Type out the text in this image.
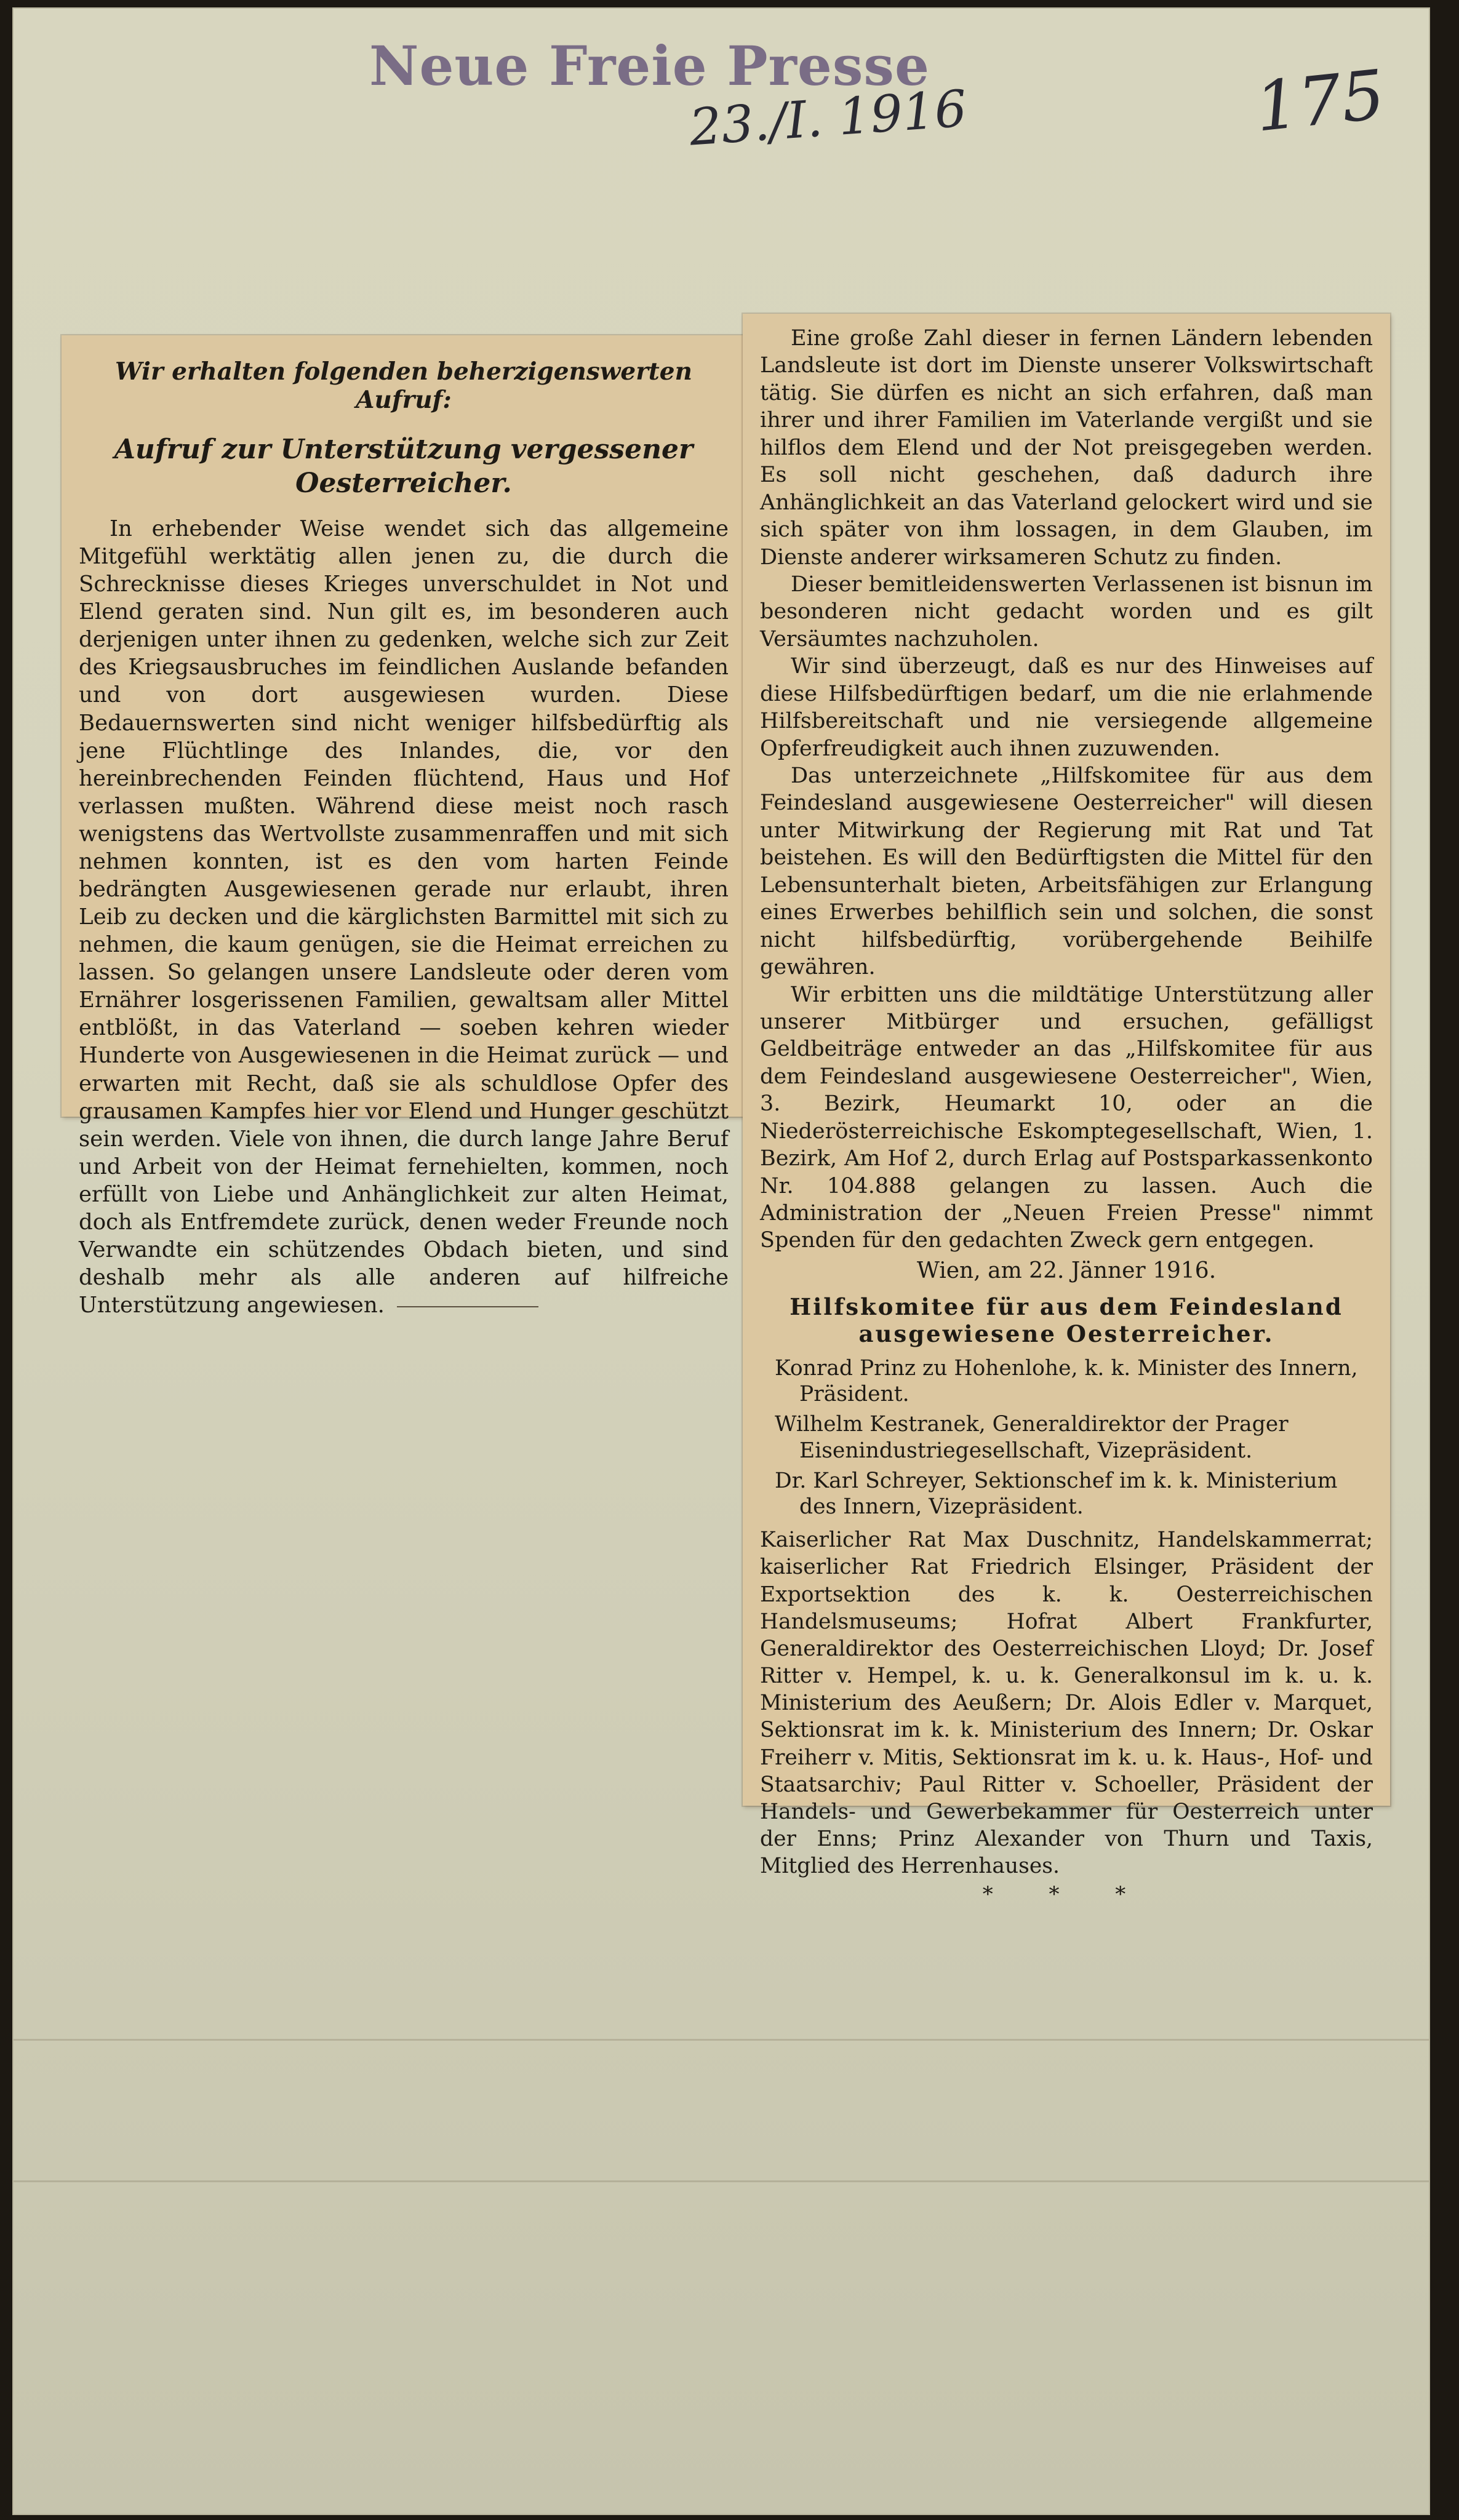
Neue Freie Presse
23./I. 1916	175
Wir erhalten folgenden beherzigenswerten Aufruf:
Aufruf zur Unterstützung vergessener Oesterreicher.

In erhebender Weise wendet sich das allgemeine Mitgefühl werktätig allen jenen zu, die durch die Schrecknisse dieses Krieges unverschuldet in Not und Elend geraten sind. Nun gilt es, im besonderen auch derjenigen unter ihnen zu gedenken, welche sich zur Zeit des Kriegsausbruches im feindlichen Auslande befanden und von dort ausgewiesen wurden. Diese Bedauernswerten sind nicht weniger hilfsbedürftig als jene Flüchtlinge des Inlandes, die, vor den hereinbrechenden Feinden flüchtend, Haus und Hof verlassen mußten. Während diese meist noch rasch wenigstens das Wertvollste zusammenraffen und mit sich nehmen konnten, ist es den vom harten Feinde bedrängten Ausgewiesenen gerade nur erlaubt, ihren Leib zu decken und die kärglichsten Barmittel mit sich zu nehmen, die kaum genügen, sie die Heimat erreichen zu lassen. So gelangen unsere Landsleute oder deren vom Ernährer losgerissenen Familien, gewaltsam aller Mittel entblößt, in das Vaterland — soeben kehren wieder Hunderte von Ausgewiesenen in die Heimat zurück — und erwarten mit Recht, daß sie als schuldlose Opfer des grausamen Kampfes hier vor Elend und Hunger geschützt sein werden. Viele von ihnen, die durch lange Jahre Beruf und Arbeit von der Heimat fernehielten, kommen, noch erfüllt von Liebe und Anhänglichkeit zur alten Heimat, doch als Entfremdete zurück, denen weder Freunde noch Verwandte ein schützendes Obdach bieten, und sind deshalb mehr als alle anderen auf hilfreiche Unterstützung angewiesen.

Eine große Zahl dieser in fernen Ländern lebenden Landsleute ist dort im Dienste unserer Volkswirtschaft tätig. Sie dürfen es nicht an sich erfahren, daß man ihrer und ihrer Familien im Vaterlande vergißt und sie hilflos dem Elend und der Not preisgegeben werden. Es soll nicht geschehen, daß dadurch ihre Anhänglichkeit an das Vaterland gelockert wird und sie sich später von ihm lossagen, in dem Glauben, im Dienste anderer wirksameren Schutz zu finden.

Dieser bemitleidenswerten Verlassenen ist bisnun im besonderen nicht gedacht worden und es gilt Versäumtes nachzuholen.

Wir sind überzeugt, daß es nur des Hinweises auf diese Hilfsbedürftigen bedarf, um die nie erlahmende Hilfsbereitschaft und nie versiegende allgemeine Opferfreudigkeit auch ihnen zuzuwenden.

Das unterzeichnete „Hilfskomitee für aus dem Feindesland ausgewiesene Oesterreicher" will diesen unter Mitwirkung der Regierung mit Rat und Tat beistehen. Es will den Bedürftigsten die Mittel für den Lebensunterhalt bieten, Arbeitsfähigen zur Erlangung eines Erwerbes behilflich sein und solchen, die sonst nicht hilfsbedürftig, vorübergehende Beihilfe gewähren.

Wir erbitten uns die mildtätige Unterstützung aller unserer Mitbürger und ersuchen, gefälligst Geldbeiträge entweder an das „Hilfskomitee für aus dem Feindesland ausgewiesene Oesterreicher", Wien, 3. Bezirk, Heumarkt 10, oder an die Niederösterreichische Eskomptegesellschaft, Wien, 1. Bezirk, Am Hof 2, durch Erlag auf Postsparkassenkonto Nr. 104.888 gelangen zu lassen. Auch die Administration der „Neuen Freien Presse" nimmt Spenden für den gedachten Zweck gern entgegen.

Wien, am 22. Jänner 1916.
Hilfskomitee für aus dem Feindesland ausgewiesene Oesterreicher.
Konrad Prinz zu Hohenlohe, k. k. Minister des Innern, Präsident.
Wilhelm Kestranek, Generaldirektor der Prager Eisenindustriegesellschaft, Vizepräsident.
Dr. Karl Schreyer, Sektionschef im k. k. Ministerium des Innern, Vizepräsident.
Kaiserlicher Rat Max Duschnitz, Handelskammerrat; kaiserlicher Rat Friedrich Elsinger, Präsident der Exportsektion des k. k. Oesterreichischen Handelsmuseums; Hofrat Albert Frankfurter, Generaldirektor des Oesterreichischen Lloyd; Dr. Josef Ritter v. Hempel, k. u. k. Generalkonsul im k. u. k. Ministerium des Aeußern; Dr. Alois Edler v. Marquet, Sektionsrat im k. k. Ministerium des Innern; Dr. Oskar Freiherr v. Mitis, Sektionsrat im k. u. k. Haus-, Hof- und Staatsarchiv; Paul Ritter v. Schoeller, Präsident der Handels- und Gewerbekammer für Oesterreich unter der Enns; Prinz Alexander von Thurn und Taxis, Mitglied des Herrenhauses.
* * *
